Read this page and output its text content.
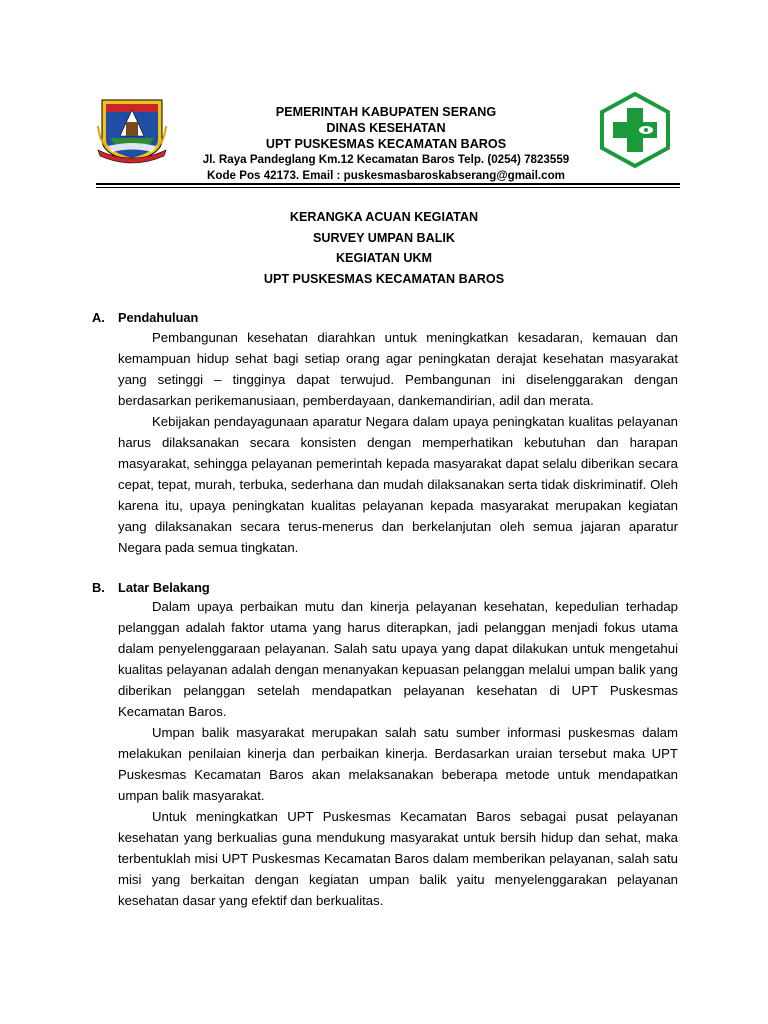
PEMERINTAH KABUPATEN SERANG
DINAS KESEHATAN
UPT PUSKESMAS KECAMATAN BAROS
Jl. Raya Pandeglang Km.12 Kecamatan Baros Telp. (0254) 7823559
Kode Pos 42173. Email : puskesmasbaroskabserang@gmail.com
KERANGKA ACUAN KEGIATAN
SURVEY UMPAN BALIK
KEGIATAN UKM
UPT PUSKESMAS KECAMATAN BAROS
A. Pendahuluan
Pembangunan kesehatan diarahkan untuk meningkatkan kesadaran, kemauan dan kemampuan hidup sehat bagi setiap orang agar peningkatan derajat kesehatan masyarakat yang setinggi – tingginya dapat terwujud. Pembangunan ini diselenggarakan dengan berdasarkan perikemanusiaan, pemberdayaan, dankemandirian, adil dan merata.
Kebijakan pendayagunaan aparatur Negara dalam upaya peningkatan kualitas pelayanan harus dilaksanakan secara konsisten dengan memperhatikan kebutuhan dan harapan masyarakat, sehingga pelayanan pemerintah kepada masyarakat dapat selalu diberikan secara cepat, tepat, murah, terbuka, sederhana dan mudah dilaksanakan serta tidak diskriminatif. Oleh karena itu, upaya peningkatan kualitas pelayanan kepada masyarakat merupakan kegiatan yang dilaksanakan secara terus-menerus dan berkelanjutan oleh semua jajaran aparatur Negara pada semua tingkatan.
B. Latar Belakang
Dalam upaya perbaikan mutu dan kinerja pelayanan kesehatan, kepedulian terhadap pelanggan adalah faktor utama yang harus diterapkan, jadi pelanggan menjadi fokus utama dalam penyelenggaraan pelayanan. Salah satu upaya yang dapat dilakukan untuk mengetahui kualitas pelayanan adalah dengan menanyakan kepuasan pelanggan melalui umpan balik yang diberikan pelanggan setelah mendapatkan pelayanan kesehatan di UPT Puskesmas Kecamatan Baros.
Umpan balik masyarakat merupakan salah satu sumber informasi puskesmas dalam melakukan penilaian kinerja dan perbaikan kinerja. Berdasarkan uraian tersebut maka UPT Puskesmas Kecamatan Baros akan melaksanakan beberapa metode untuk mendapatkan umpan balik masyarakat.
Untuk meningkatkan UPT Puskesmas Kecamatan Baros sebagai pusat pelayanan kesehatan yang berkualias guna mendukung masyarakat untuk bersih hidup dan sehat, maka terbentuklah misi UPT Puskesmas Kecamatan Baros dalam memberikan pelayanan, salah satu misi yang berkaitan dengan kegiatan umpan balik yaitu menyelenggarakan pelayanan kesehatan dasar yang efektif dan berkualitas.
